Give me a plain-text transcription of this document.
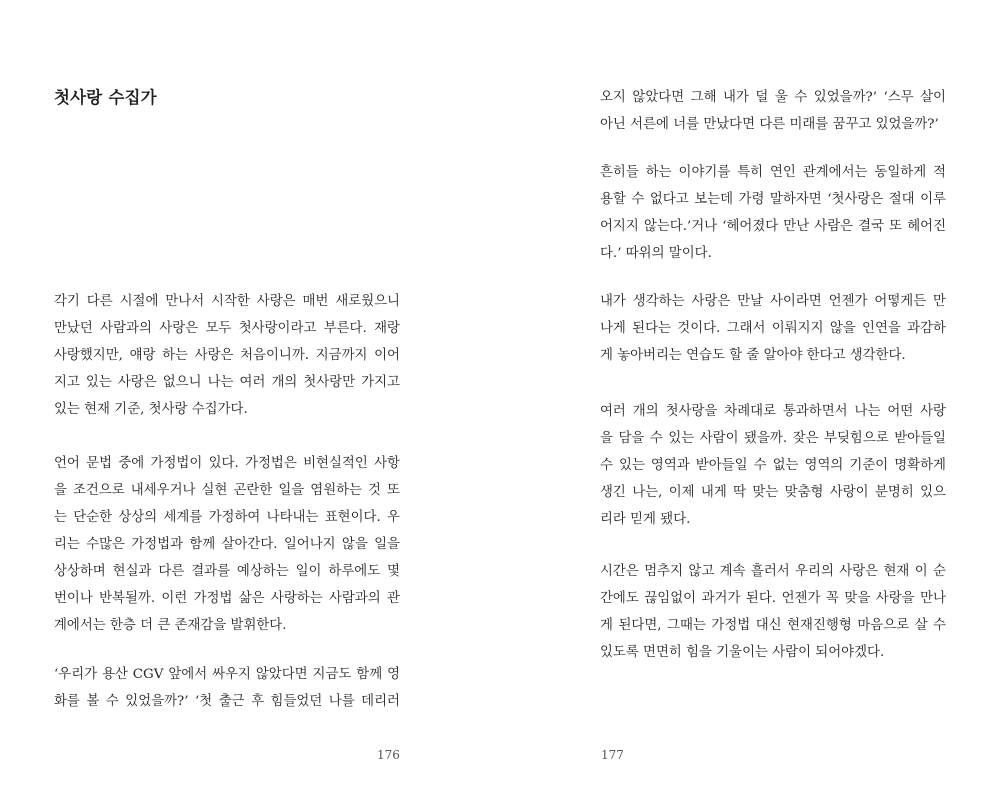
첫사랑 수집가
각기 다른 시절에 만나서 시작한 사랑은 매번 새로웠으니
만났던 사람과의 사랑은 모두 첫사랑이라고 부른다. 재랑
사랑했지만, 얘랑 하는 사랑은 처음이니까. 지금까지 이어
지고 있는 사랑은 없으니 나는 여러 개의 첫사랑만 가지고
있는 현재 기준, 첫사랑 수집가다.
언어 문법 중에 가정법이 있다. 가정법은 비현실적인 사항
을 조건으로 내세우거나 실현 곤란한 일을 염원하는 것 또
는 단순한 상상의 세계를 가정하여 나타내는 표현이다. 우
리는 수많은 가정법과 함께 살아간다. 일어나지 않을 일을
상상하며 현실과 다른 결과를 예상하는 일이 하루에도 몇
번이나 반복될까. 이런 가정법 삶은 사랑하는 사람과의 관
계에서는 한층 더 큰 존재감을 발휘한다.
‘우리가 용산 CGV 앞에서 싸우지 않았다면 지금도 함께 영
화를 볼 수 있었을까?’ ‘첫 출근 후 힘들었던 나를 데리러

176

오지 않았다면 그해 내가 덜 울 수 있었을까?’ ‘스무 살이
아닌 서른에 너를 만났다면 다른 미래를 꿈꾸고 있었을까?’
흔히들 하는 이야기를 특히 연인 관계에서는 동일하게 적
용할 수 없다고 보는데 가령 말하자면 ‘첫사랑은 절대 이루
어지지 않는다.’거나 ‘헤어졌다 만난 사람은 결국 또 헤어진
다.’ 따위의 말이다.
내가 생각하는 사랑은 만날 사이라면 언젠가 어떻게든 만
나게 된다는 것이다. 그래서 이뤄지지 않을 인연을 과감하
게 놓아버리는 연습도 할 줄 알아야 한다고 생각한다.
여러 개의 첫사랑을 차례대로 통과하면서 나는 어떤 사랑
을 담을 수 있는 사람이 됐을까. 잦은 부딪힘으로 받아들일
수 있는 영역과 받아들일 수 없는 영역의 기준이 명확하게
생긴 나는, 이제 내게 딱 맞는 맞춤형 사랑이 분명히 있으
리라 믿게 됐다.
시간은 멈추지 않고 계속 흘러서 우리의 사랑은 현재 이 순
간에도 끊임없이 과거가 된다. 언젠가 꼭 맞을 사랑을 만나
게 된다면, 그때는 가정법 대신 현재진행형 마음으로 살 수
있도록 면면히 힘을 기울이는 사람이 되어야겠다.

177
